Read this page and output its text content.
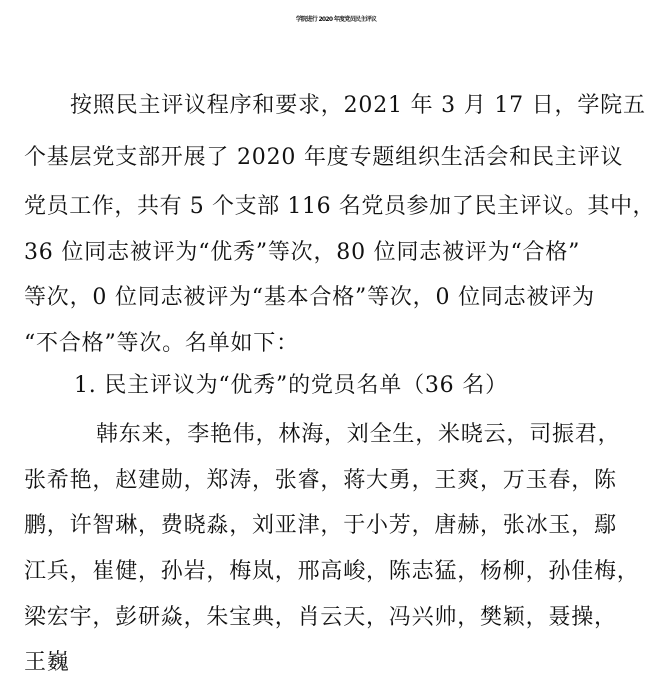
学院进行 2020 年度党员民主评议
按照民主评议程序和要求，2021 年 3 月 17 日，学院五
个基层党支部开展了 2020 年度专题组织生活会和民主评议
党员工作，共有 5 个支部 116 名党员参加了民主评议。其中，
36 位同志被评为“优秀”等次，80 位同志被评为“合格”
等次，0 位同志被评为“基本合格”等次，0 位同志被评为
“不合格”等次。名单如下：
1. 民主评议为“优秀”的党员名单（36 名）
韩东来，李艳伟，林海，刘全生，米晓云，司振君，
张希艳，赵建勋，郑涛，张睿，蒋大勇，王爽，万玉春，陈
鹏，许智琳，费晓淼，刘亚津，于小芳，唐赫，张冰玉，鄢
江兵，崔健，孙岩，梅岚，邢高峻，陈志猛，杨柳，孙佳梅，
梁宏宇，彭研焱，朱宝典，肖云天，冯兴帅，樊颖，聂操，
王巍
